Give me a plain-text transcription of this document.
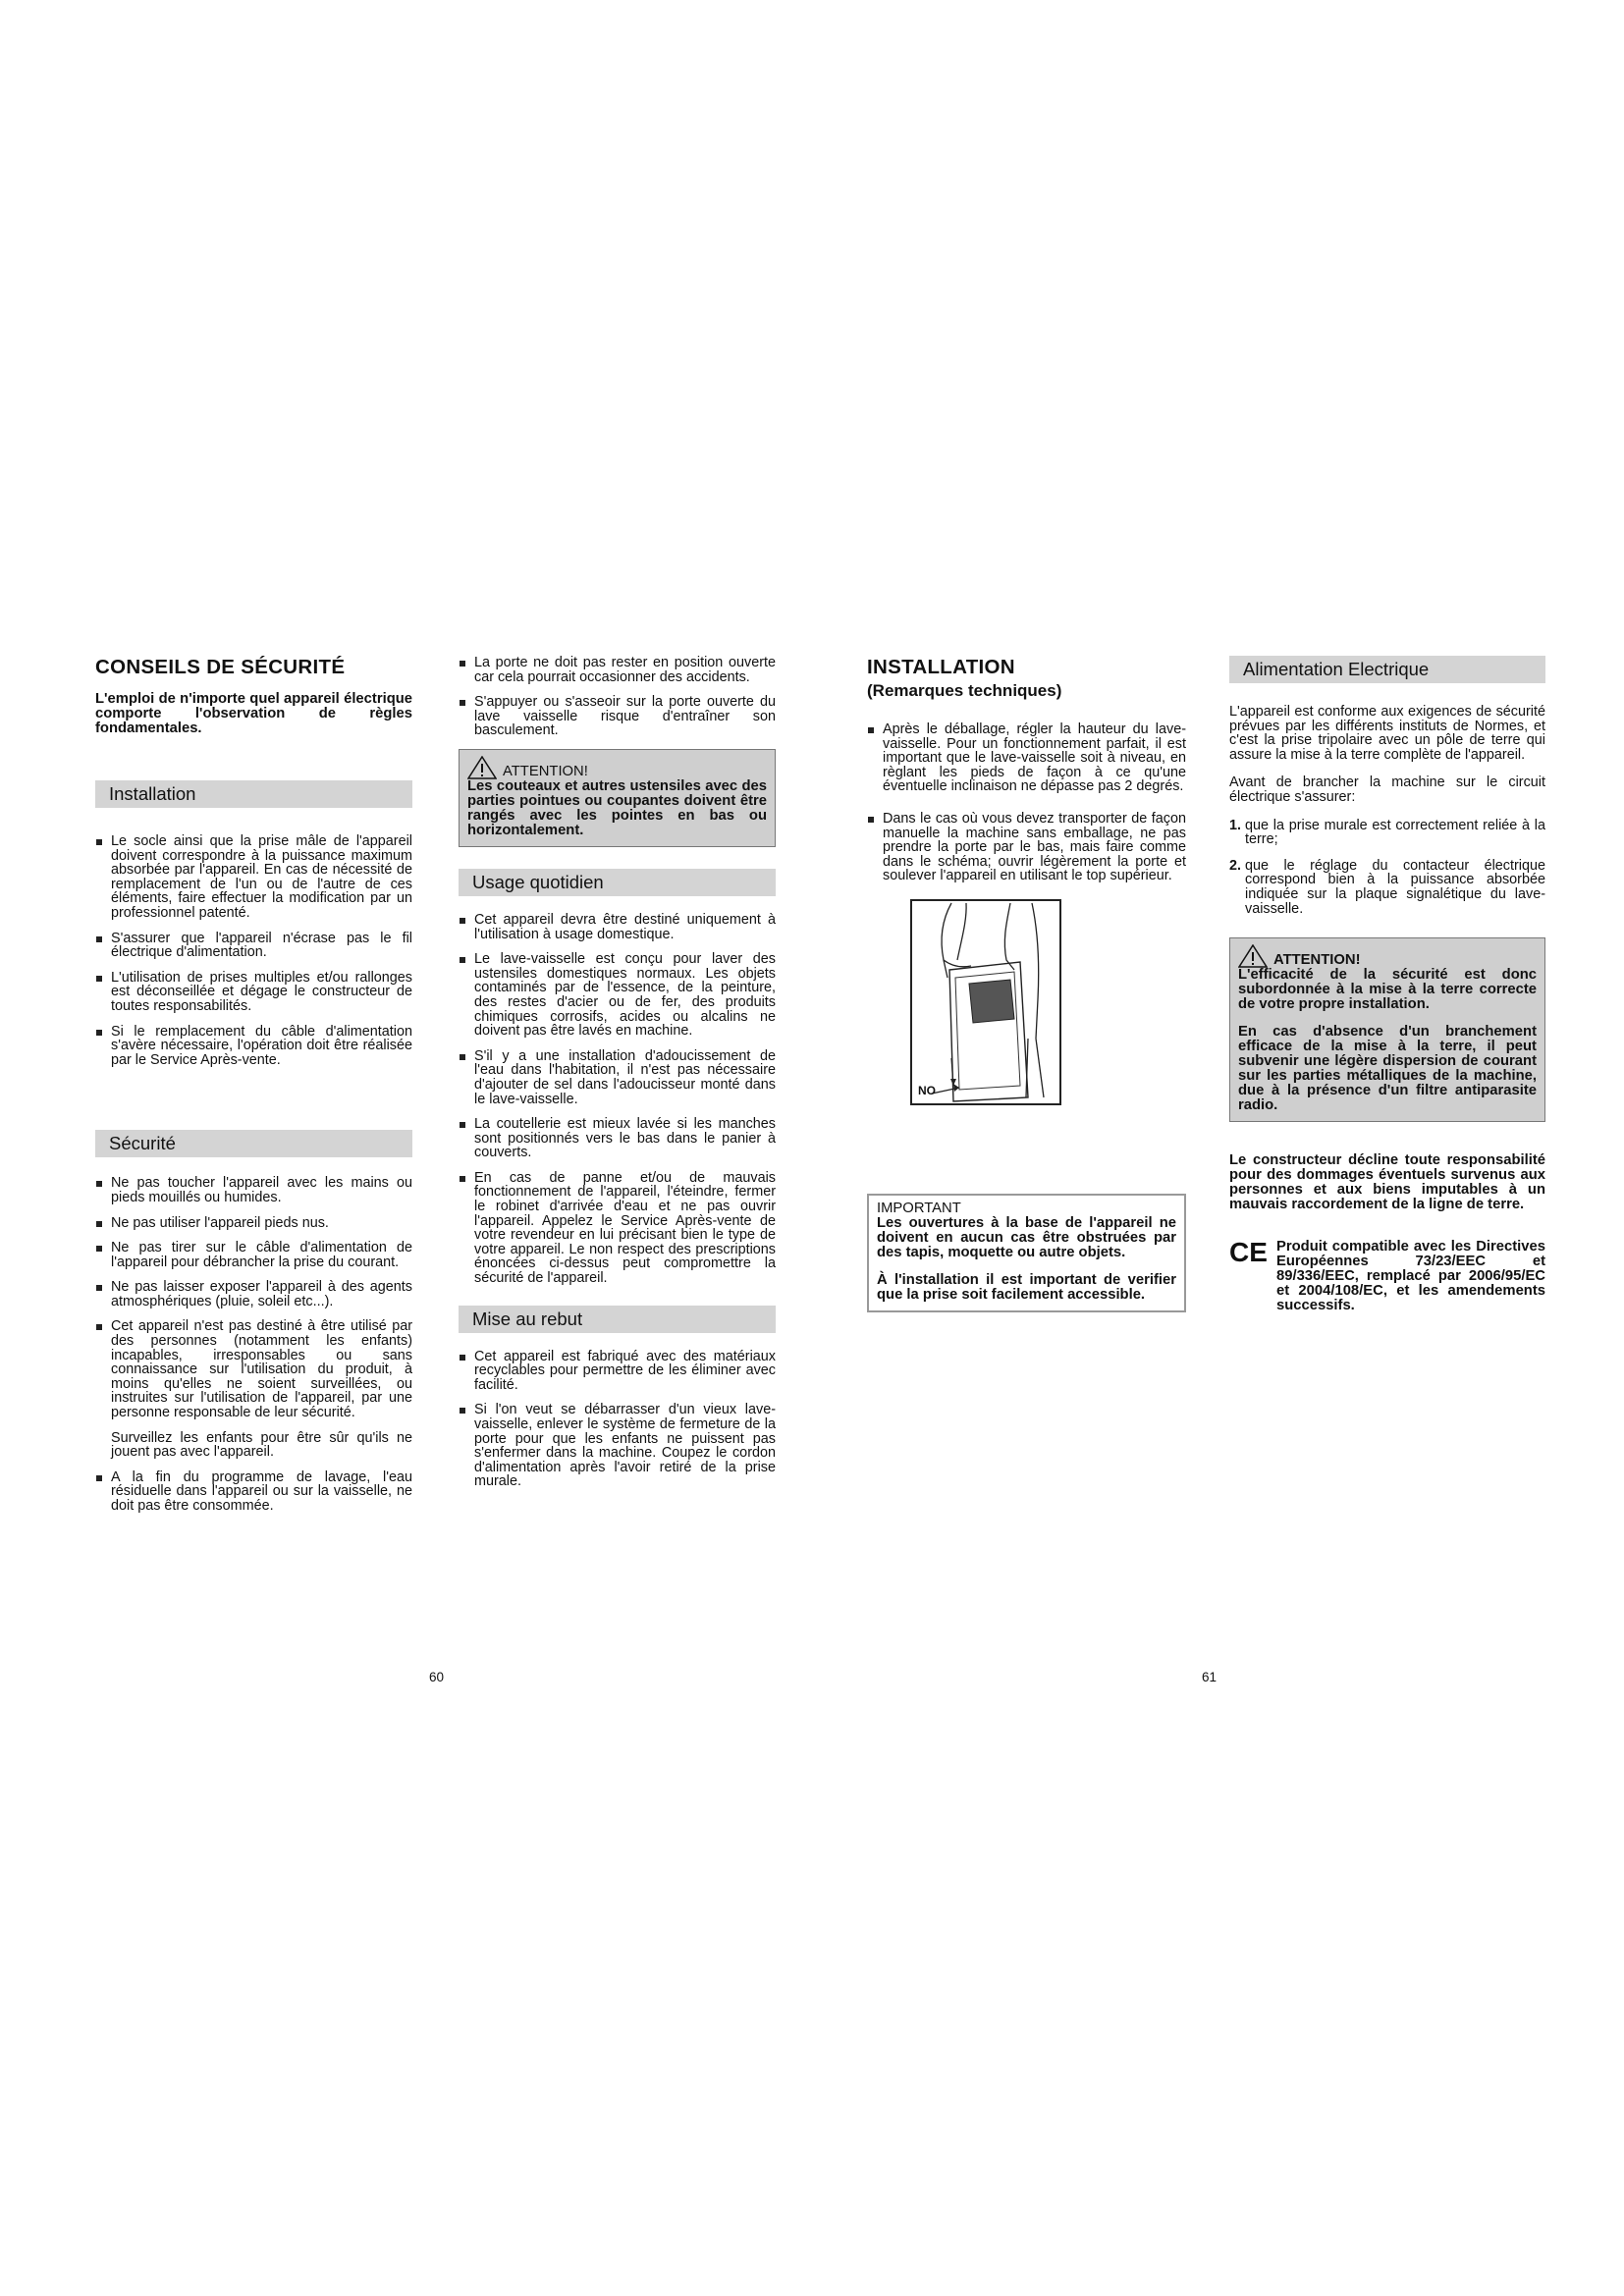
CONSEILS DE SÉCURITÉ

L'emploi de n'importe quel appareil électrique comporte l'observation de règles fondamentales.

Installation
Le socle ainsi que la prise mâle de l'appareil doivent correspondre à la puissance maximum absorbée par l'appareil. En cas de nécessité de remplacement de l'un ou de l'autre de ces éléments, faire effectuer la modification par un professionnel patenté.
S'assurer que l'appareil n'écrase pas le fil électrique d'alimentation.
L'utilisation de prises multiples et/ou rallonges est déconseillée et dégage le constructeur de toutes responsabilités.
Si le remplacement du câble d'alimentation s'avère nécessaire, l'opération doit être réalisée par le Service Après-vente.
Sécurité
Ne pas toucher l'appareil avec les mains ou pieds mouillés ou humides.
Ne pas utiliser l'appareil pieds nus.
Ne pas tirer sur le câble d'alimentation de l'appareil pour débrancher la prise du courant.
Ne pas laisser exposer l'appareil à des agents atmosphériques (pluie, soleil etc...).
Cet appareil n'est pas destiné à être utilisé par des personnes (notamment les enfants) incapables, irresponsables ou sans connaissance sur l'utilisation du produit, à moins qu'elles ne soient surveillées, ou instruites sur l'utilisation de l'appareil, par une personne responsable de leur sécurité.

Surveillez les enfants pour être sûr qu'ils ne jouent pas avec l'appareil.

A la fin du programme de lavage, l'eau résiduelle dans l'appareil ou sur la vaisselle, ne doit pas être consommée.
La porte ne doit pas rester en position ouverte car cela pourrait occasionner des accidents.
S'appuyer ou s'asseoir sur la porte ouverte du lave vaisselle risque d'entraîner son basculement.
ATTENTION!

Les couteaux et autres ustensiles avec des parties pointues ou coupantes doivent être rangés avec les pointes en bas ou horizontalement.

Usage quotidien
Cet appareil devra être destiné uniquement à l'utilisation à usage domestique.
Le lave-vaisselle est conçu pour laver des ustensiles domestiques normaux. Les objets contaminés par de l'essence, de la peinture, des restes d'acier ou de fer, des produits chimiques corrosifs, acides ou alcalins ne doivent pas être lavés en machine.
S'il y a une installation d'adoucissement de l'eau dans l'habitation, il n'est pas nécessaire d'ajouter de sel dans l'adoucisseur monté dans le lave-vaisselle.
La coutellerie est mieux lavée si les manches sont positionnés vers le bas dans le panier à couverts.
En cas de panne et/ou de mauvais fonctionnement de l'appareil, l'éteindre, fermer le robinet d'arrivée d'eau et ne pas ouvrir l'appareil. Appelez le Service Après-vente de votre revendeur en lui précisant bien le type de votre appareil. Le non respect des prescriptions énoncées ci-dessus peut compromettre la sécurité de l'appareil.
Mise au rebut
Cet appareil est fabriqué avec des matériaux recyclables pour permettre de les éliminer avec facilité.
Si l'on veut se débarrasser d'un vieux lave-vaisselle, enlever le système de fermeture de la porte pour que les enfants ne puissent pas s'enfermer dans la machine. Coupez le cordon d'alimentation après l'avoir retiré de la prise murale.
60
INSTALLATION
(Remarques techniques)
Après le déballage, régler la hauteur du lave-vaisselle. Pour un fonctionnement parfait, il est important que le lave-vaisselle soit à niveau, en règlant les pieds de façon à ce qu'une éventuelle inclinaison ne dépasse pas 2 degrés.
Dans le cas où vous devez transporter de façon manuelle la machine sans emballage, ne pas prendre la porte par le bas, mais faire comme dans le schéma; ouvrir légèrement la porte et soulever l'appareil en utilisant le top supérieur.
NO
IMPORTANT

Les ouvertures à la base de l'appareil ne doivent en aucun cas être obstruées par des tapis, moquette ou autre objets.

À l'installation il est important de verifier que la prise soit facilement accessible.

Alimentation Electrique

L'appareil est conforme aux exigences de sécurité prévues par les différents instituts de Normes, et c'est la prise tripolaire avec un pôle de terre qui assure la mise à la terre complète de l'appareil.

Avant de brancher la machine sur le circuit électrique s'assurer:

1. que la prise murale est correctement reliée à la terre;
2. que le réglage du contacteur électrique correspond bien à la puissance absorbée indiquée sur la plaque signalétique du lave-vaisselle.
ATTENTION!

L'efficacité de la sécurité est donc subordonnée à la mise à la terre correcte de votre propre installation.

En cas d'absence d'un branchement efficace de la mise à la terre, il peut subvenir une légère dispersion de courant sur les parties métalliques de la machine, due à la présence d'un filtre antiparasite radio.

Le constructeur décline toute responsabilité pour des dommages éventuels survenus aux personnes et aux biens imputables à un mauvais raccordement de la ligne de terre.

CE Produit compatible avec les Directives Européennes 73/23/EEC et 89/336/EEC, remplacé par 2006/95/EC et 2004/108/EC, et les amendements successifs.

61
